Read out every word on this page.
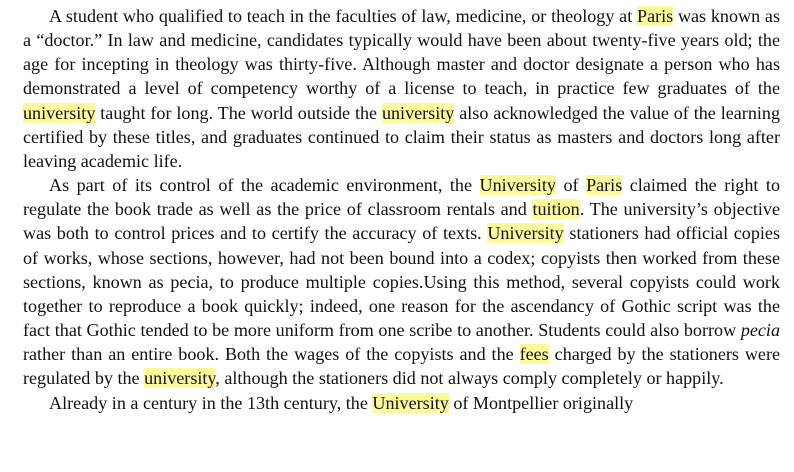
A student who qualified to teach in the faculties of law, medicine, or theology at Paris was known as a “doctor.” In law and medicine, candidates typically would have been about twenty-five years old; the age for incepting in theology was thirty-five. Although master and doctor designate a person who has demonstrated a level of competency worthy of a license to teach, in practice few graduates of the university taught for long. The world outside the university also acknowledged the value of the learning certified by these titles, and graduates continued to claim their status as masters and doctors long after leaving academic life.

As part of its control of the academic environment, the University of Paris claimed the right to regulate the book trade as well as the price of classroom rentals and tuition. The university’s objective was both to control prices and to certify the accuracy of texts. University stationers had official copies of works, whose sections, however, had not been bound into a codex; copyists then worked from these sections, known as pecia, to produce multiple copies.Using this method, several copyists could work together to reproduce a book quickly; indeed, one reason for the ascendancy of Gothic script was the fact that Gothic tended to be more uniform from one scribe to another. Students could also borrow pecia rather than an entire book. Both the wages of the copyists and the fees charged by the stationers were regulated by the university, although the stationers did not always comply completely or happily.

Already in a century in the 13th century, the University of Montpellier originally
